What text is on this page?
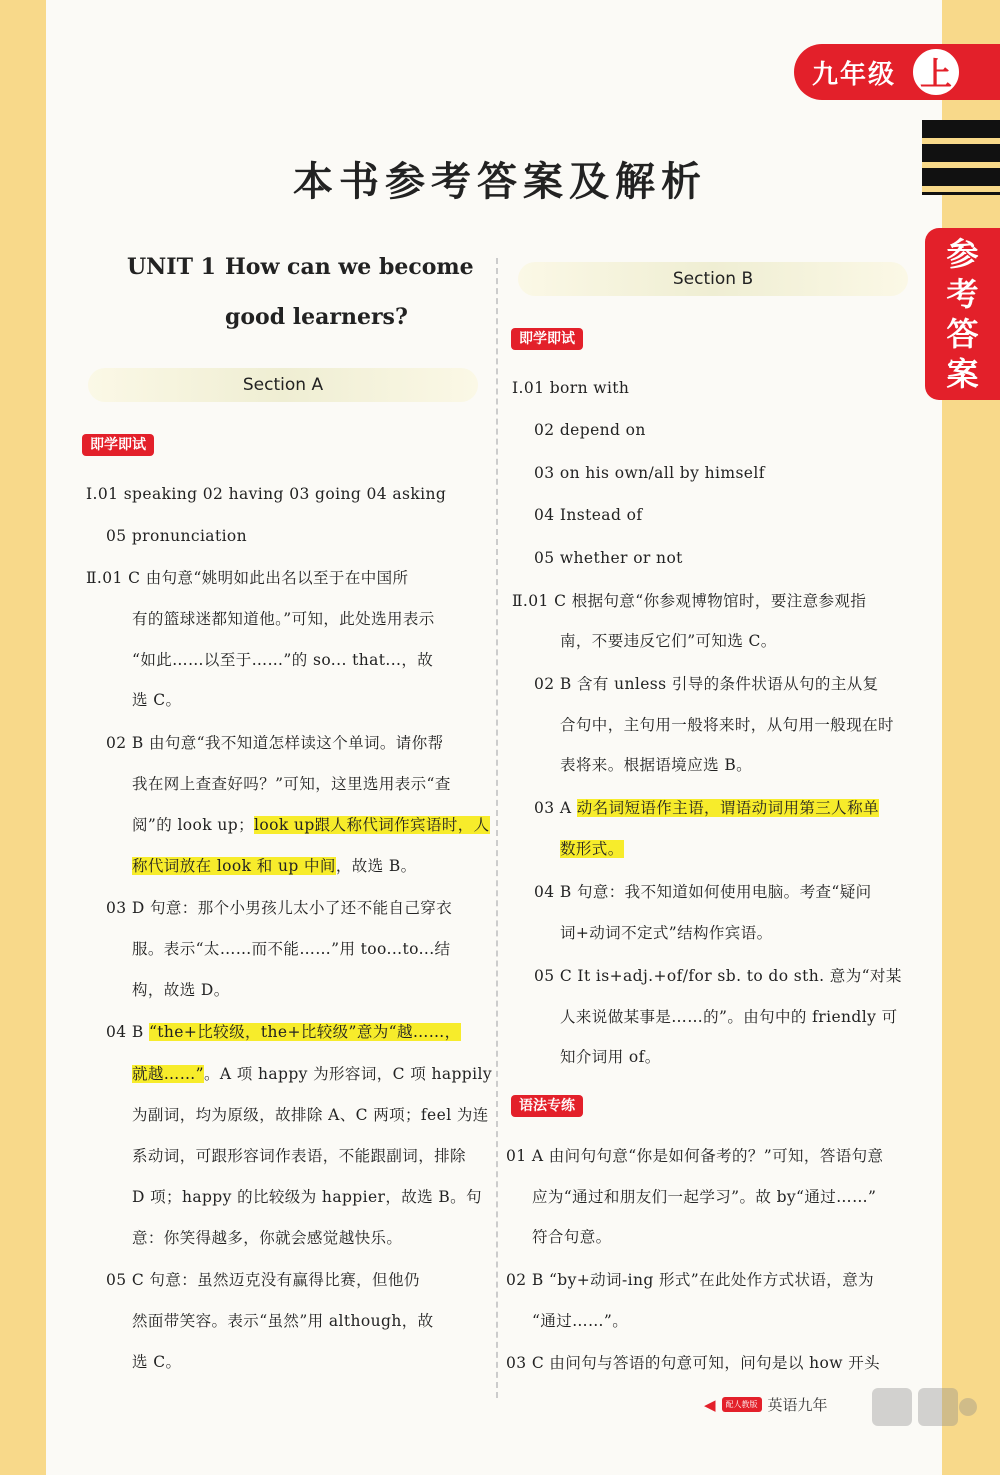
九年级 上
参
考
答
案
本书参考答案及解析
UNIT 1 How can we become
good learners?
Section A
即学即试
Ⅰ.01 speaking 02 having 03 going 04 asking
05 pronunciation
Ⅱ.01 C 由句意“姚明如此出名以至于在中国所
有的篮球迷都知道他。”可知，此处选用表示
“如此……以至于……”的 so... that...，故
选 C。
02 B 由句意“我不知道怎样读这个单词。请你帮
我在网上查查好吗？”可知，这里选用表示“查
阅”的 look up；look up跟人称代词作宾语时，人
称代词放在 look 和 up 中间，故选 B。
03 D 句意：那个小男孩儿太小了还不能自己穿衣
服。表示“太……而不能……”用 too...to...结
构，故选 D。
04 B “the+比较级，the+比较级”意为“越……，
就越……”。A 项 happy 为形容词，C 项 happily
为副词，均为原级，故排除 A、C 两项；feel 为连
系动词，可跟形容词作表语，不能跟副词，排除
D 项；happy 的比较级为 happier，故选 B。句
意：你笑得越多，你就会感觉越快乐。
05 C 句意：虽然迈克没有赢得比赛，但他仍
然面带笑容。表示“虽然”用 although，故
选 C。
Section B
即学即试
Ⅰ.01 born with
02 depend on
03 on his own/all by himself
04 Instead of
05 whether or not
Ⅱ.01 C 根据句意“你参观博物馆时，要注意参观指
南，不要违反它们”可知选 C。
02 B 含有 unless 引导的条件状语从句的主从复
合句中，主句用一般将来时，从句用一般现在时
表将来。根据语境应选 B。
03 A 动名词短语作主语，谓语动词用第三人称单
数形式。
04 B 句意：我不知道如何使用电脑。考查“疑问
词+动词不定式”结构作宾语。
05 C It is+adj.+of/for sb. to do sth. 意为“对某
人来说做某事是……的”。由句中的 friendly 可
知介词用 of。
语法专练
01 A 由问句句意“你是如何备考的？”可知，答语句意
应为“通过和朋友们一起学习”。故 by“通过……”
符合句意。
02 B “by+动词-ing 形式”在此处作方式状语，意为
“通过……”。
03 C 由问句与答语的句意可知，问句是以 how 开头
◀	配人教版 英语九年
